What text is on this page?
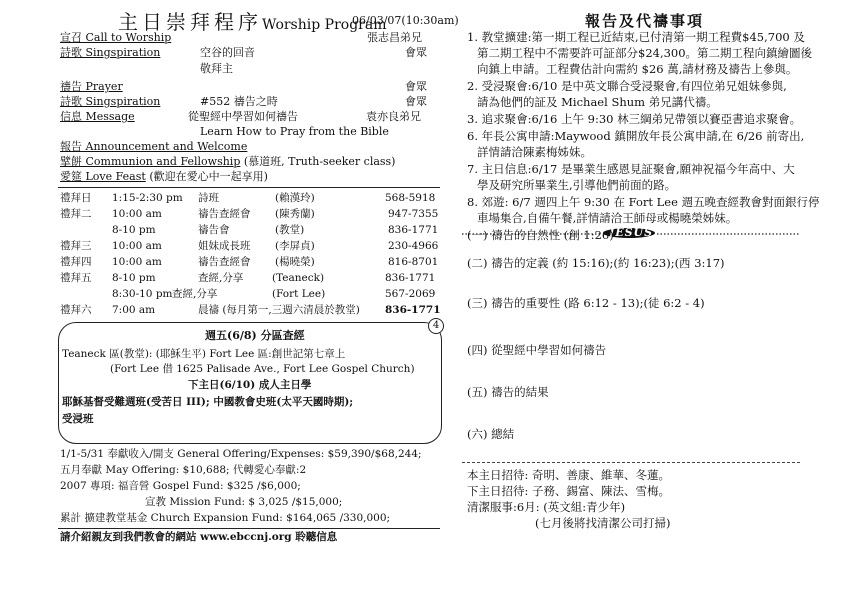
主日崇拜程序Worship Program
06/03/07(10:30am)
宣召 Call to Worship	張志昌弟兄
詩歌 Singspiration	空谷的回音	會眾
敬拜主
禱告 Prayer	會眾
詩歌 Singspiration	#552 禱告之時	會眾
信息 Message	從聖經中學習如何禱告	袁亦良弟兄
Learn How to Pray from the Bible
報告 Announcement and Welcome
擘餅 Communion and Fellowship (慕道班, Truth-seeker class)
愛筵 Love Feast (歡迎在愛心中一起享用)
禮拜日 1:15-2:30 pm 詩班	(賴漢玲)	568-5918
禮拜二 10:00 am	禱告查經會 (陳秀蘭)	947-7355
8-10 pm	禱告會	(教堂)	836-1771
禮拜三 10:00 am	姐妹成長班 (李屏貞)	230-4966
禮拜四 10:00 am	禱告查經會 (楊曉榮)	816-8701
禮拜五 8-10 pm	查經,分享	(Teaneck)	836-1771
8:30-10 pm 查經,分享	(Fort Lee)	567-2069
禮拜六 7:00 am	晨禱 (每月第一,三週六清晨於教堂) 836-1771
4
週五(6/8) 分區查經
Teaneck 區(教堂): (耶穌生平) Fort Lee 區:創世記第七章上
(Fort Lee 借 1625 Palisade Ave., Fort Lee Gospel Church)
下主日(6/10) 成人主日學
耶穌基督受難週班(受苦日 III); 中國教會史班(太平天國時期);
受浸班
1/1-5/31 奉獻收入/開支 General Offering/Expenses: $59,390/$68,244;
五月奉獻 May Offering: $10,688; 代轉愛心奉獻:2
2007 專項: 福音營 Gospel Fund: $325 /$6,000;
宣教 Mission Fund: $ 3,025 /$15,000;
累計 擴建教堂基金 Church Expansion Fund: $164,065 /330,000;
請介紹親友到我們教會的網站 www.ebccnj.org 聆聽信息
報告及代禱事項
1. 教堂擴建:第一期工程已近結束,已付清第一期工程費$45,700 及
第二期工程中不需要許可証部分$24,300。第二期工程向鎮繪圖後
向鎮上申請。工程費估計向需約 $26 萬,請材務及禱告上參與。
2. 受浸聚會:6/10 是中英文聯合受浸聚會,有四位弟兄姐妹參與,
請為他們的証及 Michael Shum 弟兄講代禱。
3. 追求聚會:6/16 上午 9:30 林三綱弟兄帶領以賽亞書追求聚會。
6. 年長公寓申請:Maywood 鎮開放年長公寓申請,在 6/26 前寄出,
詳情請洽陳素梅姊妹。
7. 主日信息:6/17 是畢業生感恩見証聚會,願神祝福今年高中、大
學及研究所畢業生,引導他們前面的路。
8. 郊遊: 6/7 週四上午 9:30 在 Fort Lee 週五晚查經教會對面銀行停
車場集合,自備午餐,詳情請洽王師母或楊曉榮姊妹。
JESUS
(一) 禱告的自然性 (創 1:26)
(二) 禱告的定義 (約 15:16);(約 16:23);(西 3:17)
(三) 禱告的重要性 (路 6:12 - 13);(徒 6:2 - 4)
(四) 從聖經中學習如何禱告
(五) 禱告的結果
(六) 總結
本主日招待: 奇明、善康、維華、冬蓮。
下主日招待: 子務、錫富、陳法、雪梅。
清潔服事:6月: (英文組:青少年)
(七月後將找清潔公司打掃)
